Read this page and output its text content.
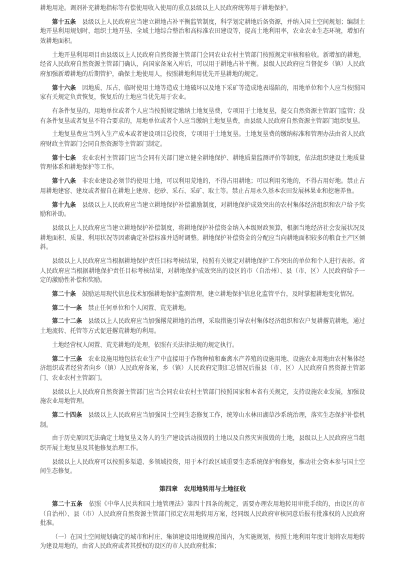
耕地用途。调剂补充耕地指标等有偿使用收入使用的重点县级以上人民政府统筹用于耕地保护。

第十五条　 县级以上人民政府应当建立耕地占补平衡监管制度，科学划定耕地后备资源，并纳入国土空间规划；编制土地开垦利用规划时，组织土地开垦、全域土地综合整治和高标准农田建设等，提高土地利用率，农业农业生态环境，增加有效耕地面积。

土地开垦利用项目由县级以上人民政府自然资源主管部门会同农业农村主管部门按照规定审核和验收。新增加的耕地，经省人民政府自然资源主管部门确认，向国家备案入库后，可以用于耕地占补平衡。县级人民政府应当督促乡（镇）人民政府加强新增耕地的后期管护，确保土地使用人，按照耕地利用优先开垦耕地的规定。

第十六条　 因地质、压占、临时使用土地等造成土地破坏以及地下采矿等造成地表塌陷的，用地单位和个人应当按照国家有关规定负责恢复，恢复后的土地应当优先用于农业。

有条件复垦的，用地单位或者个人应当按照规定缴纳土地复垦费，专项用于土地复垦，提交自然资源主管部门监管；没有条件复垦或者复垦不符合要求的，用地单位或者个人应当缴纳土地复垦费，由县级人民政府自然资源主管部门组织复垦。

土地复垦费应当列入生产成本或者建设项目总投资，专项用于土地复垦。土地复垦费的缴纳标准和管理办法由省人民政府财政主管部门会同自然资源等主管部门制定。

第十七条　 农业农村主管部门应当会同有关部门建立健全耕地保护、耕地质量监测评价等制度，依法组织建设土地质量管理体系和耕地保护等工作。

第十八条　 非农业建设必须节约使用土地，可以利用荒地的，不得占用耕地；可以利用劣地的，不得占用好地。禁止占用耕地建窑、建坟或者擅自在耕地上建房、挖砂、采石、采矿、取土等。禁止占用永久基本农田发展林果业和挖塘养鱼。

第十九条　 县级以上人民政府应当建立耕地保护补偿激励制度，对耕地保护成效突出的农村集体经济组织和农户给予奖励和补助。

县级以上人民政府应当建立耕地保护补偿制度，将耕地保护补偿资金纳入本级财政预算，根据当地经济社会发展状况及耕地面积、质量、利用状况等因素确定补偿标准并适时调整。耕地保护补偿资金的分配应当向耕地面积较多的粮食主产区倾斜。

县级以上人民政府应当根据耕地保护责任目标考核结果，按照有关规定对耕地保护工作突出的单位和个人进行表彰。省人民政府应当根据耕地保护责任目标考核结果，对耕地保护成效突出的设区的市（自治州）、县（市、区）人民政府给予一定的激励性补偿和奖励。

第二十条　 鼓励运用现代信息技术加强耕地保护监测管理，建立耕地保护信息化监管平台，及时掌握耕地变化情况。

第二十一条　 禁止任何单位和个人闲置、荒芜耕地。

第二十二条　 县级以上人民政府应当加强撂荒耕地的治理，采取措施引导农村集体经济组织和农户复耕撂荒耕地，通过土地流转、托管等方式促进撂荒耕地的利用。

土地经营权人闲置、荒芜耕地的处理，依照有关法律法规的规定执行。

第二十三条　 农业设施用地包括农业生产中直接用于作物种植和畜禽水产养殖的设施用地、设施农业用地由农村集体经济组织或者经营者向乡（镇）人民政府备案，乡（镇）人民政府定期汇总情况后报县（市、区）人民政府自然资源主管部门、农业农村主管部门。

县级以上人民政府自然资源主管部门应当会同农业农村主管部门按照国家和本省有关规定，支持设施农业发展，加强设施农业用地管理。

第二十四条　 县级以上人民政府应当加强国土空间生态修复工作，统筹山水林田湖草沙系统治理，落实生态保护补偿机制。

由于历史原因无法确定土地复垦义务人的生产建设活动损毁的土地以及自然灾害损毁的土地，县级以上人民政府应当组织开展土地复垦及其他修复治理工作。

县级以上人民政府可以按照多渠道、多领域投资，用于本行政区域重要生态系统保护和修复，推动社会资本参与国土空间生态修复。

第四章　农用地转用与土地征收

第二十五条　 依照《中华人民共和国土地管理法》第四十四条的规定，需要办理农用地转用审批手续的，由设区的市（自治州）、县（市）人民政府自然资源主管部门拟定农用地转用方案，经同级人民政府审核同意后报有批准权的人民政府批准。

（一）在国土空间规划确定的城市和村庄、集镇建设用地规模范围内，为实施规划，按照土地利用年度计划将农用地转为建设用地的，由省人民政府或者其授权的设区的市人民政府批准；
